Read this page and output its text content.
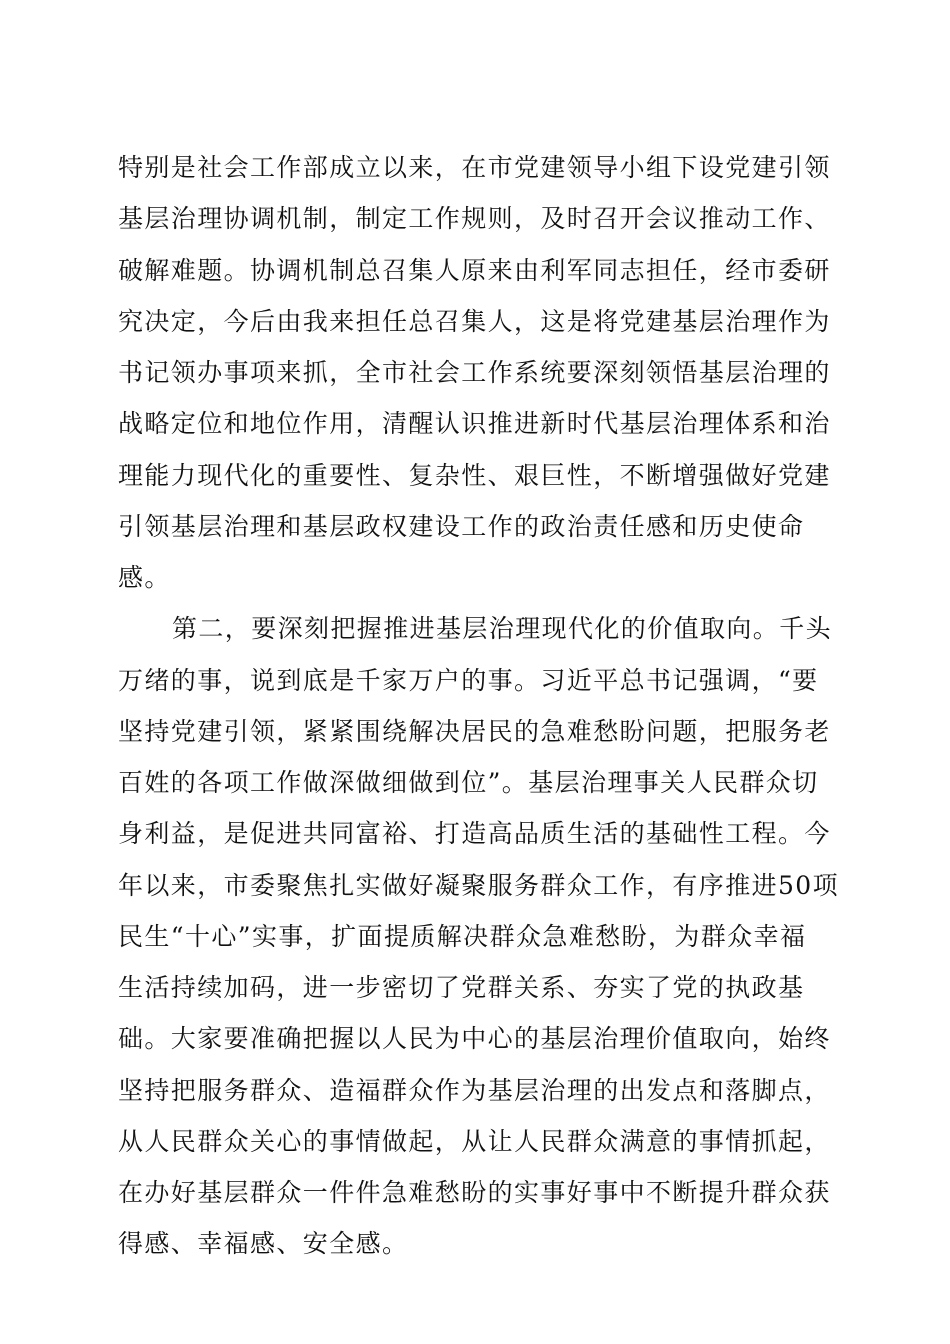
特别是社会工作部成立以来，在市党建领导小组下设党建引领

基层治理协调机制，制定工作规则，及时召开会议推动工作、

破解难题。协调机制总召集人原来由利军同志担任，经市委研

究决定，今后由我来担任总召集人，这是将党建基层治理作为

书记领办事项来抓，全市社会工作系统要深刻领悟基层治理的

战略定位和地位作用，清醒认识推进新时代基层治理体系和治

理能力现代化的重要性、复杂性、艰巨性，不断增强做好党建

引领基层治理和基层政权建设工作的政治责任感和历史使命

感。

第二，要深刻把握推进基层治理现代化的价值取向。千头

万绪的事，说到底是千家万户的事。习近平总书记强调，“要

坚持党建引领，紧紧围绕解决居民的急难愁盼问题，把服务老

百姓的各项工作做深做细做到位”。基层治理事关人民群众切

身利益，是促进共同富裕、打造高品质生活的基础性工程。今

年以来，市委聚焦扎实做好凝聚服务群众工作，有序推进50项

民生“十心”实事，扩面提质解决群众急难愁盼，为群众幸福

生活持续加码，进一步密切了党群关系、夯实了党的执政基

础。大家要准确把握以人民为中心的基层治理价值取向，始终

坚持把服务群众、造福群众作为基层治理的出发点和落脚点，

从人民群众关心的事情做起，从让人民群众满意的事情抓起，

在办好基层群众一件件急难愁盼的实事好事中不断提升群众获

得感、幸福感、安全感。
